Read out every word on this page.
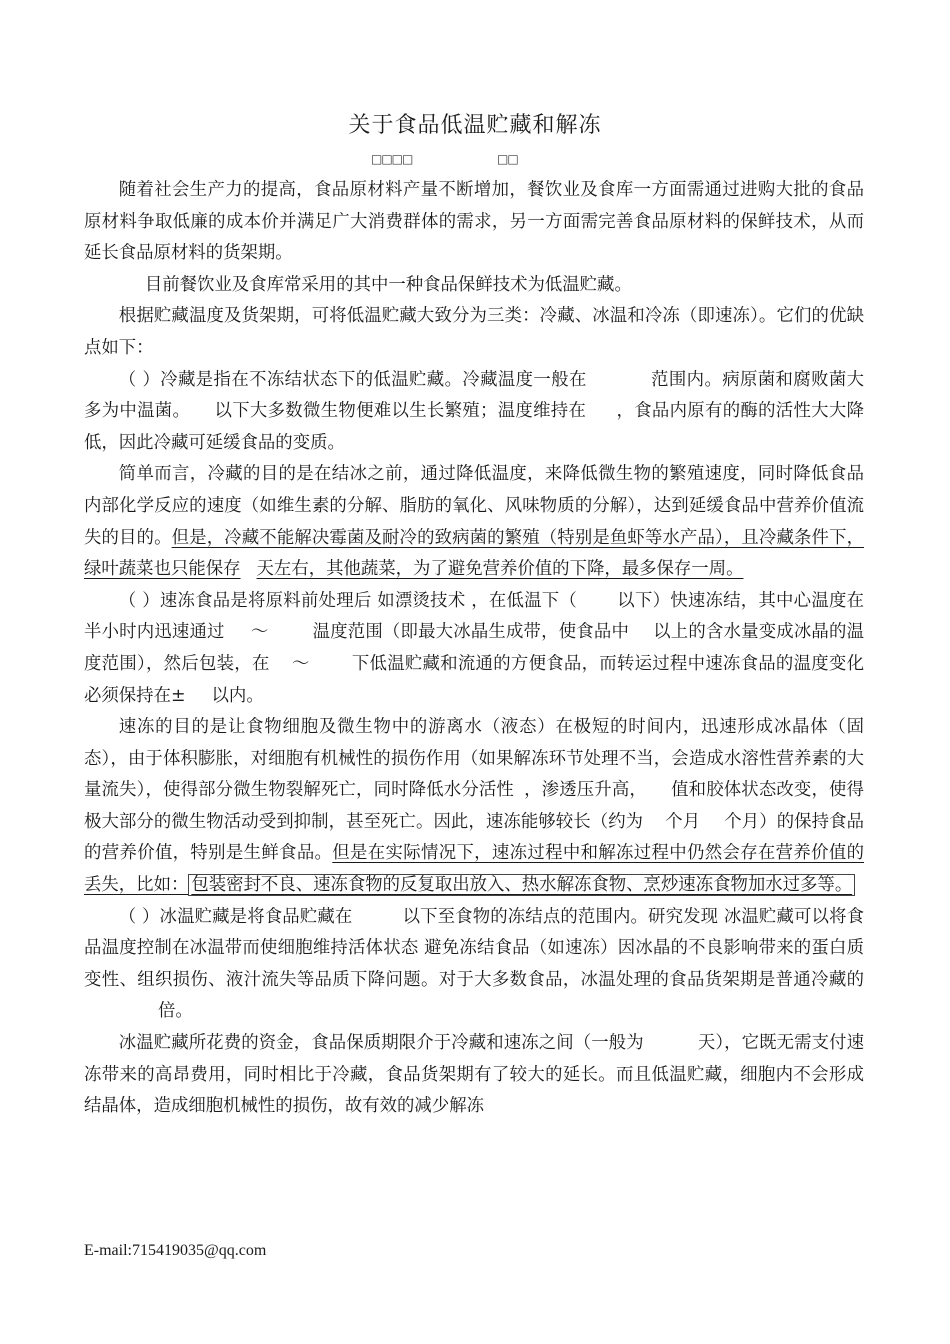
关于食品低温贮藏和解冻
□□□□	□□

随着社会生产力的提高，食品原材料产量不断增加，餐饮业及食库一方面需通过进购大批的食品原材料争取低廉的成本价并满足广大消费群体的需求，另一方面需完善食品原材料的保鲜技术，从而延长食品原材料的货架期。

目前餐饮业及食库常采用的其中一种食品保鲜技术为低温贮藏。

根据贮藏温度及货架期，可将低温贮藏大致分为三类：冷藏、冰温和冷冻（即速冻）。它们的优缺点如下：

（ ）冷藏是指在不冻结状态下的低温贮藏。冷藏温度一般在	范围内。病原菌和腐败菌大多为中温菌。 以下大多数微生物便难以生长繁殖；温度维持在 ，食品内原有的酶的活性大大降低，因此冷藏可延缓食品的变质。

简单而言，冷藏的目的是在结冰之前，通过降低温度，来降低微生物的繁殖速度，同时降低食品内部化学反应的速度（如维生素的分解、脂肪的氧化、风味物质的分解），达到延缓食品中营养价值流失的目的。但是，冷藏不能解决霉菌及耐冷的致病菌的繁殖（特别是鱼虾等水产品），且冷藏条件下，绿叶蔬菜也只能保存 天左右，其他蔬菜，为了避免营养价值的下降，最多保存一周。

（ ）速冻食品是将原料前处理后 如漂烫技术 ，在低温下（ 以下）快速冻结，其中心温度在半小时内迅速通过 ～	温度范围（即最大冰晶生成带，使食品中 以上的含水量变成冰晶的温度范围），然后包装，在 ～ 下低温贮藏和流通的方便食品，而转运过程中速冻食品的温度变化必须保持在± 以内。

速冻的目的是让食物细胞及微生物中的游离水（液态）在极短的时间内，迅速形成冰晶体（固态），由于体积膨胀，对细胞有机械性的损伤作用（如果解冻环节处理不当，会造成水溶性营养素的大量流失），使得部分微生物裂解死亡，同时降低水分活性 ，渗透压升高， 值和胶体状态改变，使得极大部分的微生物活动受到抑制，甚至死亡。因此，速冻能够较长（约为 个月 个月）的保持食品的营养价值，特别是生鲜食品。但是在实际情况下，速冻过程中和解冻过程中仍然会存在营养价值的丢失，比如： 包装密封不良、速冻食物的反复取出放入、热水解冻食物、烹炒速冻食物加水过多等。

（ ）冰温贮藏是将食品贮藏在	以下至食物的冻结点的范围内。研究发现 冰温贮藏可以将食品温度控制在冰温带而使细胞维持活体状态 避免冻结食品（如速冻）因冰晶的不良影响带来的蛋白质变性、组织损伤、液汁流失等品质下降问题。对于大多数食品，冰温处理的食品货架期是普通冷藏的倍。

冰温贮藏所花费的资金，食品保质期限介于冷藏和速冻之间（一般为	天），它既无需支付速冻带来的高昂费用，同时相比于冷藏，食品货架期有了较大的延长。而且低温贮藏，细胞内不会形成结晶体，造成细胞机械性的损伤，故有效的减少解冻

E-mail:715419035@qq.com
